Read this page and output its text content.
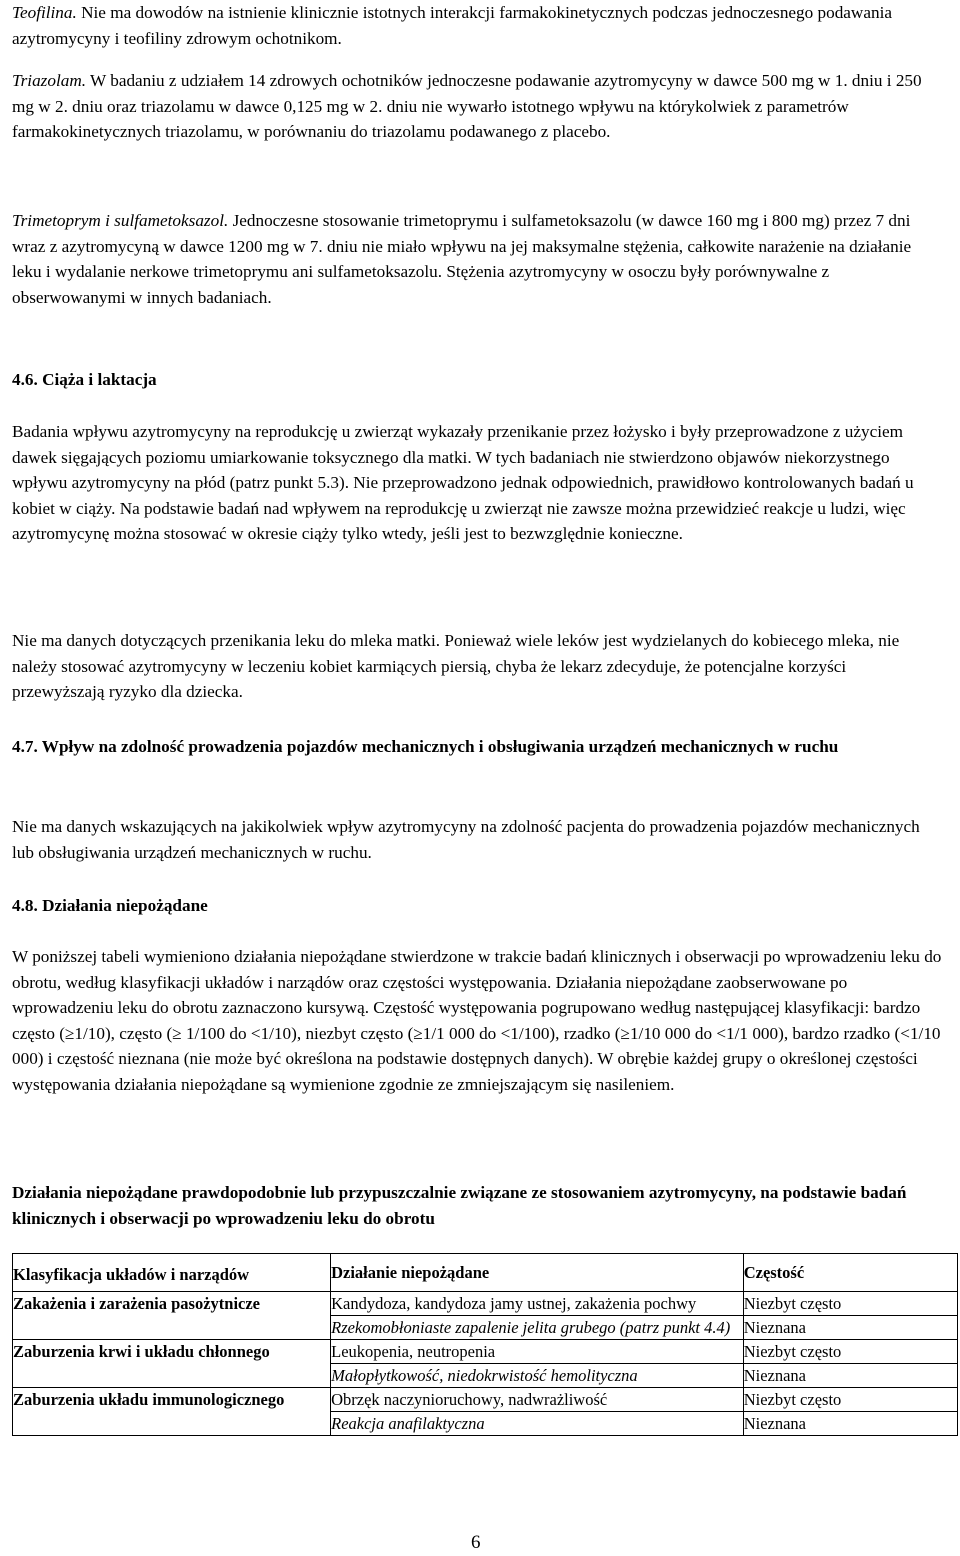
Teofilina. Nie ma dowodów na istnienie klinicznie istotnych interakcji farmakokinetycznych podczas jednoczesnego podawania azytromycyny i teofiliny zdrowym ochotnikom.

Triazolam. W badaniu z udziałem 14 zdrowych ochotników jednoczesne podawanie azytromycyny w dawce 500 mg w 1. dniu i 250 mg w 2. dniu oraz triazolamu w dawce 0,125 mg w 2. dniu nie wywarło istotnego wpływu na którykolwiek z parametrów farmakokinetycznych triazolamu, w porównaniu do triazolamu podawanego z placebo.

Trimetoprym i sulfametoksazol. Jednoczesne stosowanie trimetoprymu i sulfametoksazolu (w dawce 160 mg i 800 mg) przez 7 dni wraz z azytromycyną w dawce 1200 mg w 7. dniu nie miało wpływu na jej maksymalne stężenia, całkowite narażenie na działanie leku i wydalanie nerkowe trimetoprymu ani sulfametoksazolu. Stężenia azytromycyny w osoczu były porównywalne z obserwowanymi w innych badaniach.

4.6. Ciąża i laktacja

Badania wpływu azytromycyny na reprodukcję u zwierząt wykazały przenikanie przez łożysko i były przeprowadzone z użyciem dawek sięgających poziomu umiarkowanie toksycznego dla matki. W tych badaniach nie stwierdzono objawów niekorzystnego wpływu azytromycyny na płód (patrz punkt 5.3). Nie przeprowadzono jednak odpowiednich, prawidłowo kontrolowanych badań u kobiet w ciąży. Na podstawie badań nad wpływem na reprodukcję u zwierząt nie zawsze można przewidzieć reakcje u ludzi, więc azytromycynę można stosować w okresie ciąży tylko wtedy, jeśli jest to bezwzględnie konieczne.

Nie ma danych dotyczących przenikania leku do mleka matki. Ponieważ wiele leków jest wydzielanych do kobiecego mleka, nie należy stosować azytromycyny w leczeniu kobiet karmiących piersią, chyba że lekarz zdecyduje, że potencjalne korzyści przewyższają ryzyko dla dziecka.

4.7. Wpływ na zdolność prowadzenia pojazdów mechanicznych i obsługiwania urządzeń mechanicznych w ruchu

Nie ma danych wskazujących na jakikolwiek wpływ azytromycyny na zdolność pacjenta do prowadzenia pojazdów mechanicznych lub obsługiwania urządzeń mechanicznych w ruchu.

4.8. Działania niepożądane

W poniższej tabeli wymieniono działania niepożądane stwierdzone w trakcie badań klinicznych i obserwacji po wprowadzeniu leku do obrotu, według klasyfikacji układów i narządów oraz częstości występowania. Działania niepożądane zaobserwowane po wprowadzeniu leku do obrotu zaznaczono kursywą. Częstość występowania pogrupowano według następującej klasyfikacji: bardzo często (≥1/10), często (≥ 1/100 do <1/10), niezbyt często (≥1/1 000 do <1/100), rzadko (≥1/10 000 do <1/1 000), bardzo rzadko (<1/10 000) i częstość nieznana (nie może być określona na podstawie dostępnych danych). W obrębie każdej grupy o określonej częstości występowania działania niepożądane są wymienione zgodnie ze zmniejszającym się nasileniem.

Działania niepożądane prawdopodobnie lub przypuszczalnie związane ze stosowaniem azytromycyny, na podstawie badań klinicznych i obserwacji po wprowadzeniu leku do obrotu

Klasyfikacja układów i narządów	Działanie niepożądane	Częstość
Zakażenia i zarażenia pasożytnicze	Kandydoza, kandydoza jamy ustnej, zakażenia pochwy	Niezbyt często
	Rzekomobłoniaste zapalenie jelita grubego (patrz punkt 4.4)	Nieznana
Zaburzenia krwi i układu chłonnego	Leukopenia, neutropenia	Niezbyt często
	Małopłytkowość, niedokrwistość hemolityczna	Nieznana
Zaburzenia układu immunologicznego	Obrzęk naczynioruchowy, nadwrażliwość	Niezbyt często
	Reakcja anafilaktyczna	Nieznana
6
